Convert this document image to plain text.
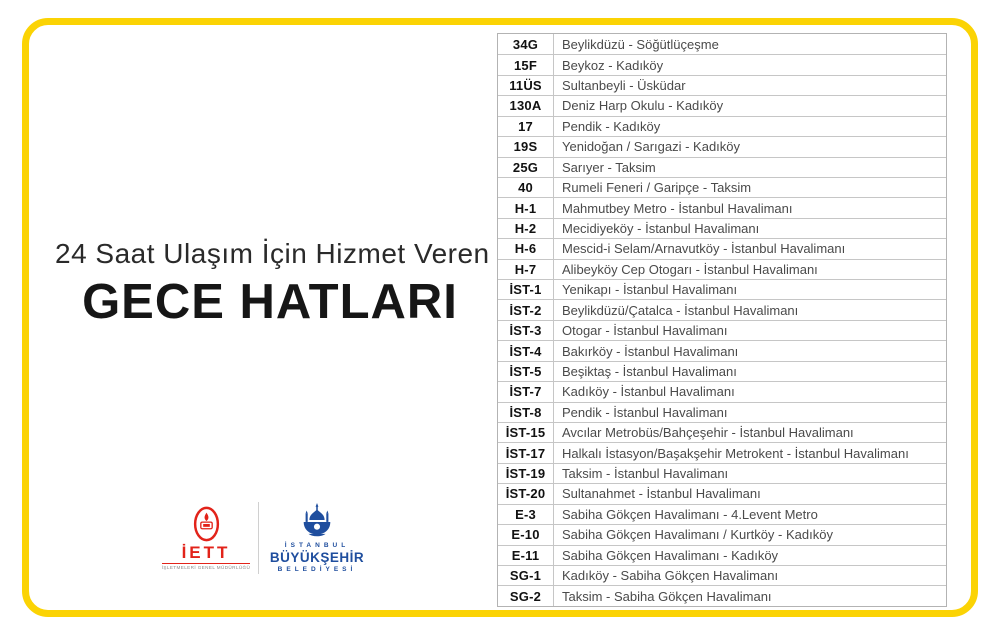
24 Saat Ulaşım İçin Hizmet Veren
GECE HATLARI
İETT
İŞLETMELERİ GENEL MÜDÜRLÜĞÜ
İSTANBUL
BÜYÜKŞEHİR
BELEDİYESİ
34G	Beylikdüzü - Söğütlüçeşme
15F	Beykoz - Kadıköy
11ÜS	Sultanbeyli - Üsküdar
130A	Deniz Harp Okulu - Kadıköy
17	Pendik - Kadıköy
19S	Yenidoğan / Sarıgazi - Kadıköy
25G	Sarıyer - Taksim
40	Rumeli Feneri / Garipçe - Taksim
H-1	Mahmutbey Metro - İstanbul Havalimanı
H-2	Mecidiyeköy - İstanbul Havalimanı
H-6	Mescid-i Selam/Arnavutköy - İstanbul Havalimanı
H-7	Alibeyköy Cep Otogarı - İstanbul Havalimanı
İST-1	Yenikapı - İstanbul Havalimanı
İST-2	Beylikdüzü/Çatalca - İstanbul Havalimanı
İST-3	Otogar - İstanbul Havalimanı
İST-4	Bakırköy - İstanbul Havalimanı
İST-5	Beşiktaş - İstanbul Havalimanı
İST-7	Kadıköy - İstanbul Havalimanı
İST-8	Pendik - İstanbul Havalimanı
İST-15	Avcılar Metrobüs/Bahçeşehir - İstanbul Havalimanı
İST-17	Halkalı İstasyon/Başakşehir Metrokent - İstanbul Havalimanı
İST-19	Taksim - İstanbul Havalimanı
İST-20	Sultanahmet - İstanbul Havalimanı
E-3	Sabiha Gökçen Havalimanı - 4.Levent Metro
E-10	Sabiha Gökçen Havalimanı / Kurtköy - Kadıköy
E-11	Sabiha Gökçen Havalimanı - Kadıköy
SG-1	Kadıköy - Sabiha Gökçen Havalimanı
SG-2	Taksim - Sabiha Gökçen Havalimanı
